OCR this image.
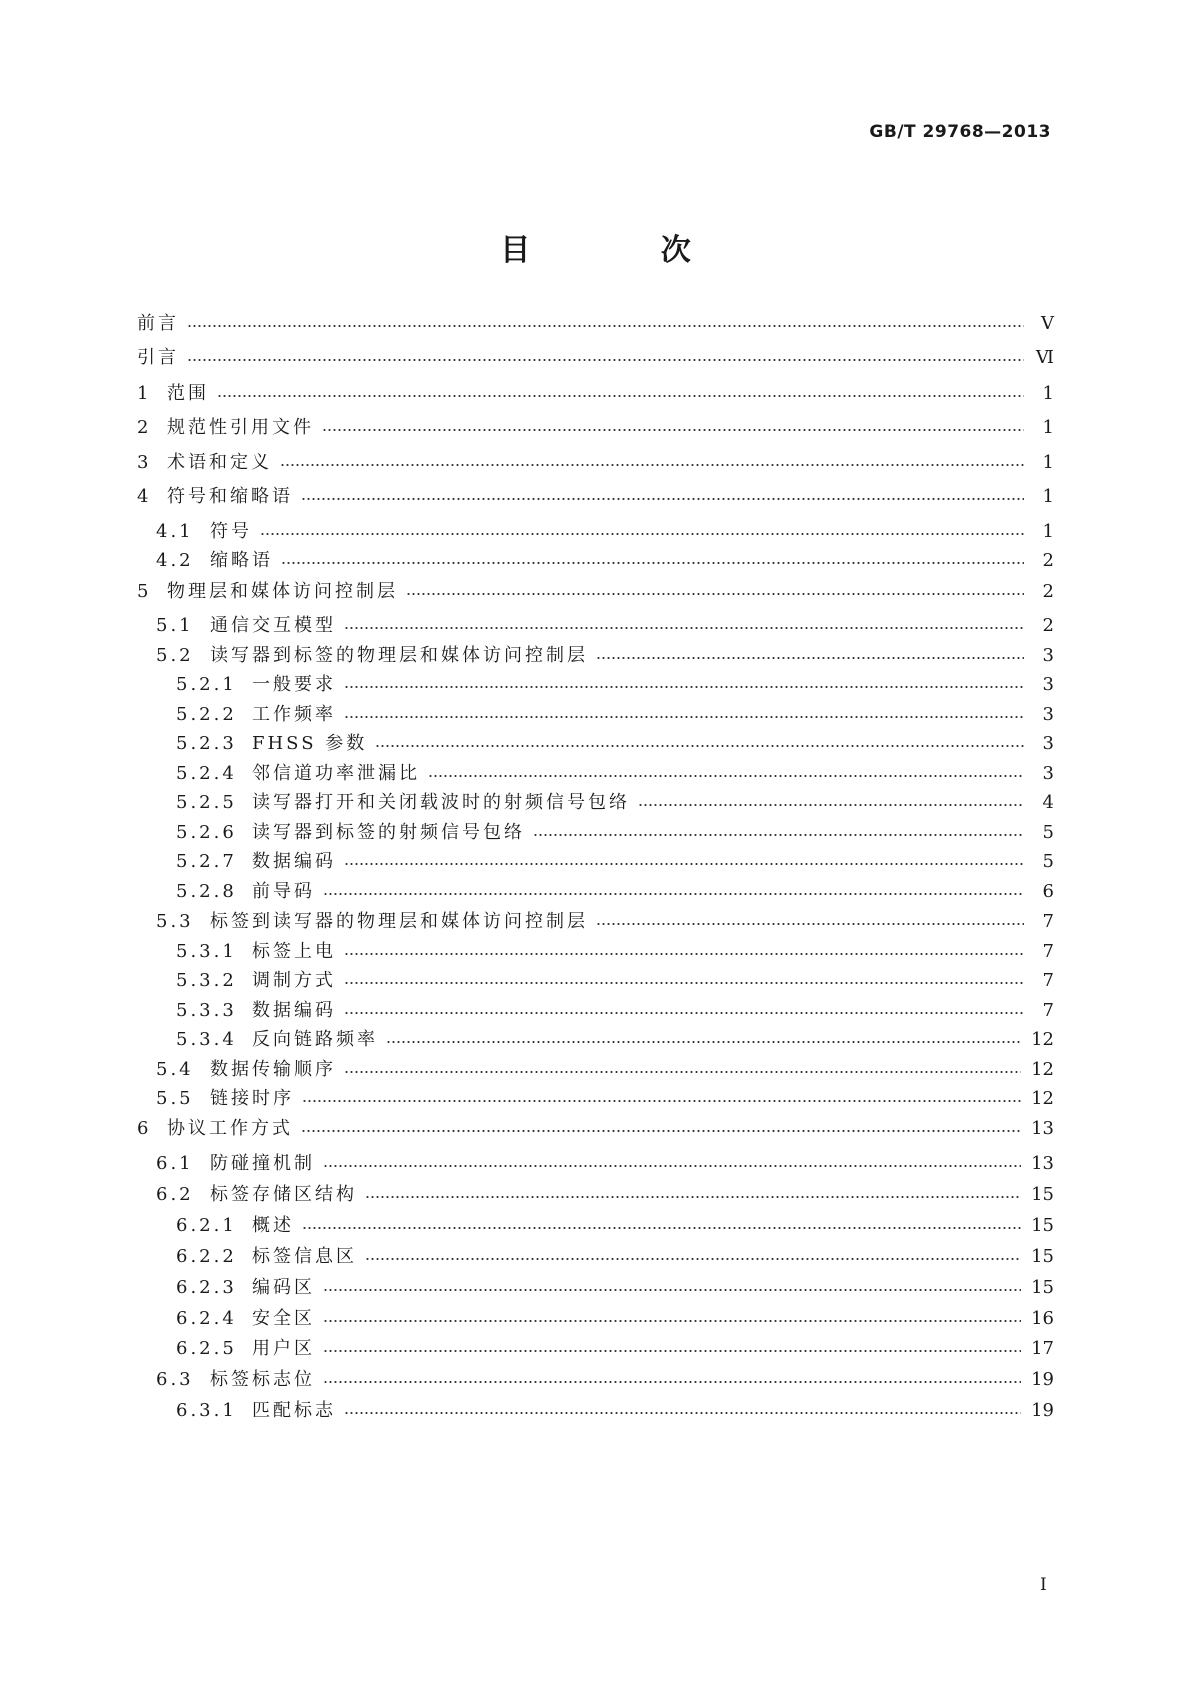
GB/T 29768—2013
目 次
前言	Ⅴ
引言	Ⅵ
1 范围	1
2 规范性引用文件	1
3 术语和定义	1
4 符号和缩略语	1
4.1 符号	1
4.2 缩略语	2
5 物理层和媒体访问控制层	2
5.1 通信交互模型	2
5.2 读写器到标签的物理层和媒体访问控制层	3
5.2.1 一般要求	3
5.2.2 工作频率	3
5.2.3 FHSS 参数	3
5.2.4 邻信道功率泄漏比	3
5.2.5 读写器打开和关闭载波时的射频信号包络	4
5.2.6 读写器到标签的射频信号包络	5
5.2.7 数据编码	5
5.2.8 前导码	6
5.3 标签到读写器的物理层和媒体访问控制层	7
5.3.1 标签上电	7
5.3.2 调制方式	7
5.3.3 数据编码	7
5.3.4 反向链路频率	12
5.4 数据传输顺序	12
5.5 链接时序	12
6 协议工作方式	13
6.1 防碰撞机制	13
6.2 标签存储区结构	15
6.2.1 概述	15
6.2.2 标签信息区	15
6.2.3 编码区	15
6.2.4 安全区	16
6.2.5 用户区	17
6.3 标签标志位	19
6.3.1 匹配标志	19
I
